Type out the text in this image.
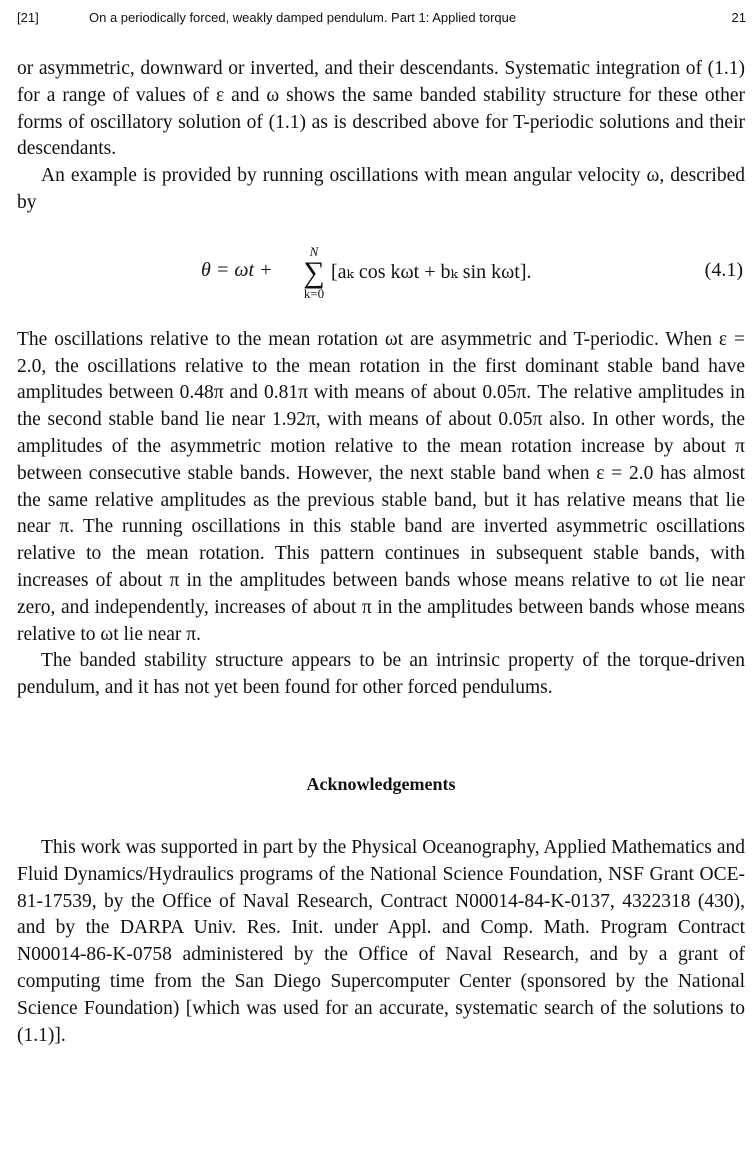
[21]	On a periodically forced, weakly damped pendulum. Part 1: Applied torque	21

or asymmetric, downward or inverted, and their descendants. Systematic integration of (1.1) for a range of values of ε and ω shows the same banded stability structure for these other forms of oscillatory solution of (1.1) as is described above for T-periodic solutions and their descendants.

An example is provided by running oscillations with mean angular velocity ω, described by

θ = ωt +
N
∑
k=0
[aₖ cos kωt + bₖ sin kωt].	(4.1)

The oscillations relative to the mean rotation ωt are asymmetric and T-periodic. When ε = 2.0, the oscillations relative to the mean rotation in the first dominant stable band have amplitudes between 0.48π and 0.81π with means of about 0.05π. The relative amplitudes in the second stable band lie near 1.92π, with means of about 0.05π also. In other words, the amplitudes of the asymmetric motion relative to the mean rotation increase by about π between consecutive stable bands. However, the next stable band when ε = 2.0 has almost the same relative amplitudes as the previous stable band, but it has relative means that lie near π. The running oscillations in this stable band are inverted asymmetric oscillations relative to the mean rotation. This pattern continues in subsequent stable bands, with increases of about π in the amplitudes between bands whose means relative to ωt lie near zero, and independently, increases of about π in the amplitudes between bands whose means relative to ωt lie near π.

The banded stability structure appears to be an intrinsic property of the torque-driven pendulum, and it has not yet been found for other forced pendulums.

Acknowledgements

This work was supported in part by the Physical Oceanography, Applied Mathematics and Fluid Dynamics/Hydraulics programs of the National Science Foundation, NSF Grant OCE-81-17539, by the Office of Naval Research, Contract N00014-84-K-0137, 4322318 (430), and by the DARPA Univ. Res. Init. under Appl. and Comp. Math. Program Contract N00014-86-K-0758 administered by the Office of Naval Research, and by a grant of computing time from the San Diego Supercomputer Center (sponsored by the National Science Foundation) [which was used for an accurate, systematic search of the solutions to (1.1)].
